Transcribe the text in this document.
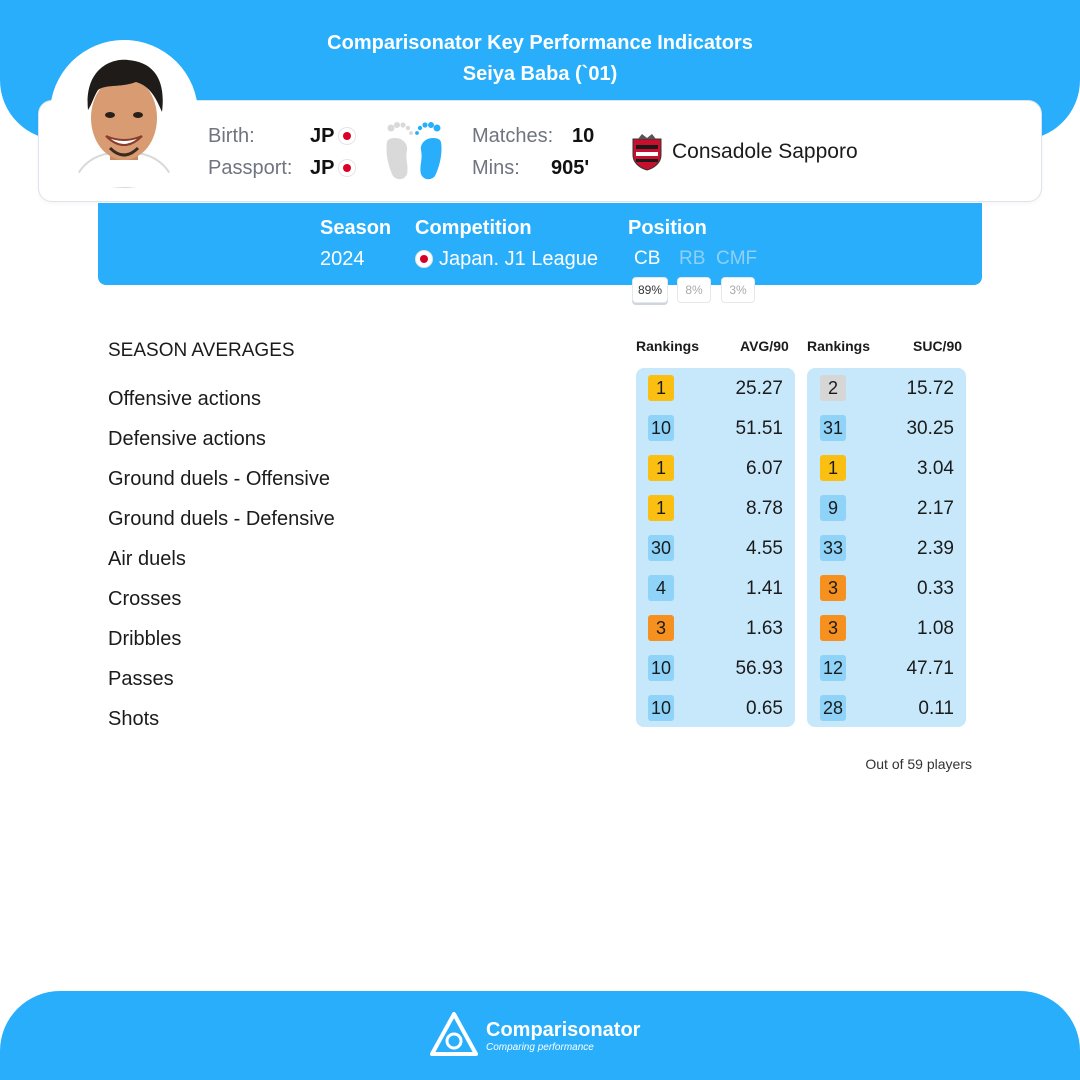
Comparisonator Key Performance Indicators
Seiya Baba (`01)
Birth:	JP
Passport: JP
Matches: 10
Mins: 905'
Consadole Sapporo
Season
2024
Competition
Japan. J1 League
Position
CB RB CMF
89%	8%	3%
SEASON AVERAGES	Rankings	AVG/90 Rankings	SUC/90
Offensive actions	1	25.27	2	15.72
Defensive actions	10	51.51 31	30.25
Ground duels - Offensive	1	6.07	1	3.04
Ground duels - Defensive	1	8.78	9	2.17
Air duels	30	4.55 33	2.39
Crosses	4	1.41	3	0.33
Dribbles	3	1.63	3	1.08
Passes	10	56.93 12	47.71
Shots	10	0.65 28	0.11
Out of 59 players
Comparisonator
Comparing performance
